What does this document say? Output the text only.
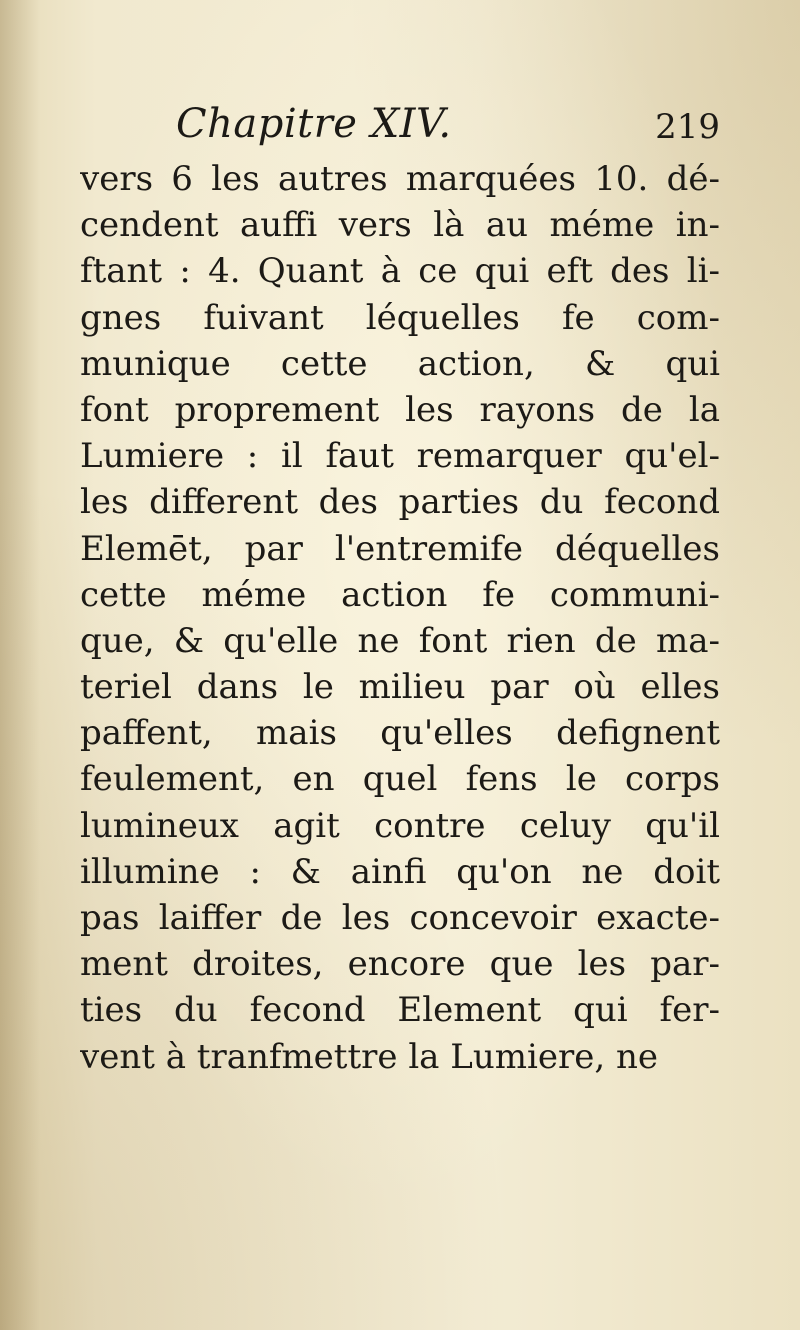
Chapitre XIV.	219
vers 6 les autres marquées 10. dé-
cendent auffi vers là au méme in-
ftant : 4. Quant à ce qui eft des li-
gnes fuivant léquelles fe com-
munique cette action, & qui
font proprement les rayons de la
Lumiere : il faut remarquer qu'el-
les different des parties du fecond
Elemēt, par l'entremife déquelles
cette méme action fe communi-
que, & qu'elle ne font rien de ma-
teriel dans le milieu par où elles
paffent, mais qu'elles defignent
feulement, en quel fens le corps
lumineux agit contre celuy qu'il
illumine : & ainfi qu'on ne doit
pas laiffer de les concevoir exacte-
ment droites, encore que les par-
ties du fecond Element qui fer-
vent à tranfmettre la Lumiere, ne
